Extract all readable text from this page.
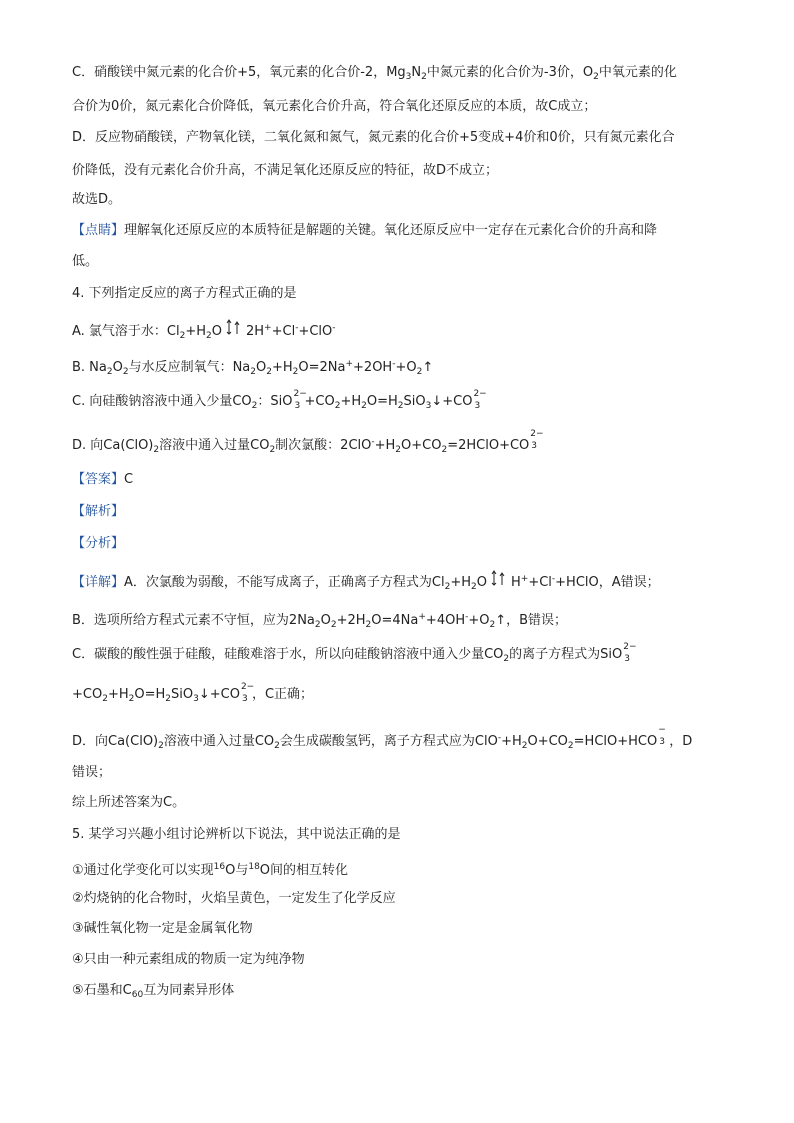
C．硝酸镁中氮元素的化合价+5，氧元素的化合价-2，$Mg_3N_2$中氮元素的化合价为-3价，$O_2$中氧元素的化
合价为0价，氮元素化合价降低，氧元素化合价升高，符合氧化还原反应的本质，故C成立；
D．反应物硝酸镁，产物氧化镁，二氧化氮和氮气，氮元素的化合价+5变成+4价和0价，只有氮元素化合
价降低，没有元素化合价升高，不满足氧化还原反应的特征，故D不成立；
故选D。
【点睛】理解氧化还原反应的本质特征是解题的关键。氧化还原反应中一定存在元素化合价的升高和降
低。
4. 下列指定反应的离子方程式正确的是
A. 氯气溶于水：$Cl_2+H_2O$ 2H++Cl-+ClO-
B. $Na_2O_2$与水反应制氧气：$Na_2O_2+H_2O=2Na^++2OH^-+O_2↑$
C. 向硅酸钠溶液中通入少量$CO_2$：SiO 2−
$3 +CO_2+H_2O=H_2SiO_3↓+CO$ 2−
3
D. 向$Ca(ClO)_2$溶液中通入过量$CO_2$制次氯酸：$2ClO^-+H_2O+CO_2=2HClO+CO$
2−
3
【答案】C
【解析】
【分析】
【详解】A．次氯酸为弱酸，不能写成离子，正确离子方程式为$Cl_2+H_2O$ H++Cl-+HClO，A错误；
B．选项所给方程式元素不守恒，应为$2Na_2O_2+2H_2O=4Na^++4OH^-+O_2↑$，B错误；
C．碳酸的酸性强于硅酸，硅酸难溶于水，所以向硅酸钠溶液中通入少量$CO_2$的离子方程式为SiO 2−
3
$+CO_2+H_2O=H_2SiO_3↓+CO$ 2−
3 ，C正确；
D．向$Ca(ClO)_2$溶液中通入过量$CO_2$会生成碳酸氢钙，离子方程式应为$ClO^-+H_2O+CO_2=HClO+HCO$
−
3 ，D
错误；
综上所述答案为C。
5. 某学习兴趣小组讨论辨析以下说法，其中说法正确的是
①通过化学变化可以实现$^{16}$O与$^{18}$O间的相互转化
②灼烧钠的化合物时，火焰呈黄色，一定发生了化学反应
③碱性氧化物一定是金属氧化物
④只由一种元素组成的物质一定为纯净物
⑤石墨和$C_{60}$互为同素异形体
